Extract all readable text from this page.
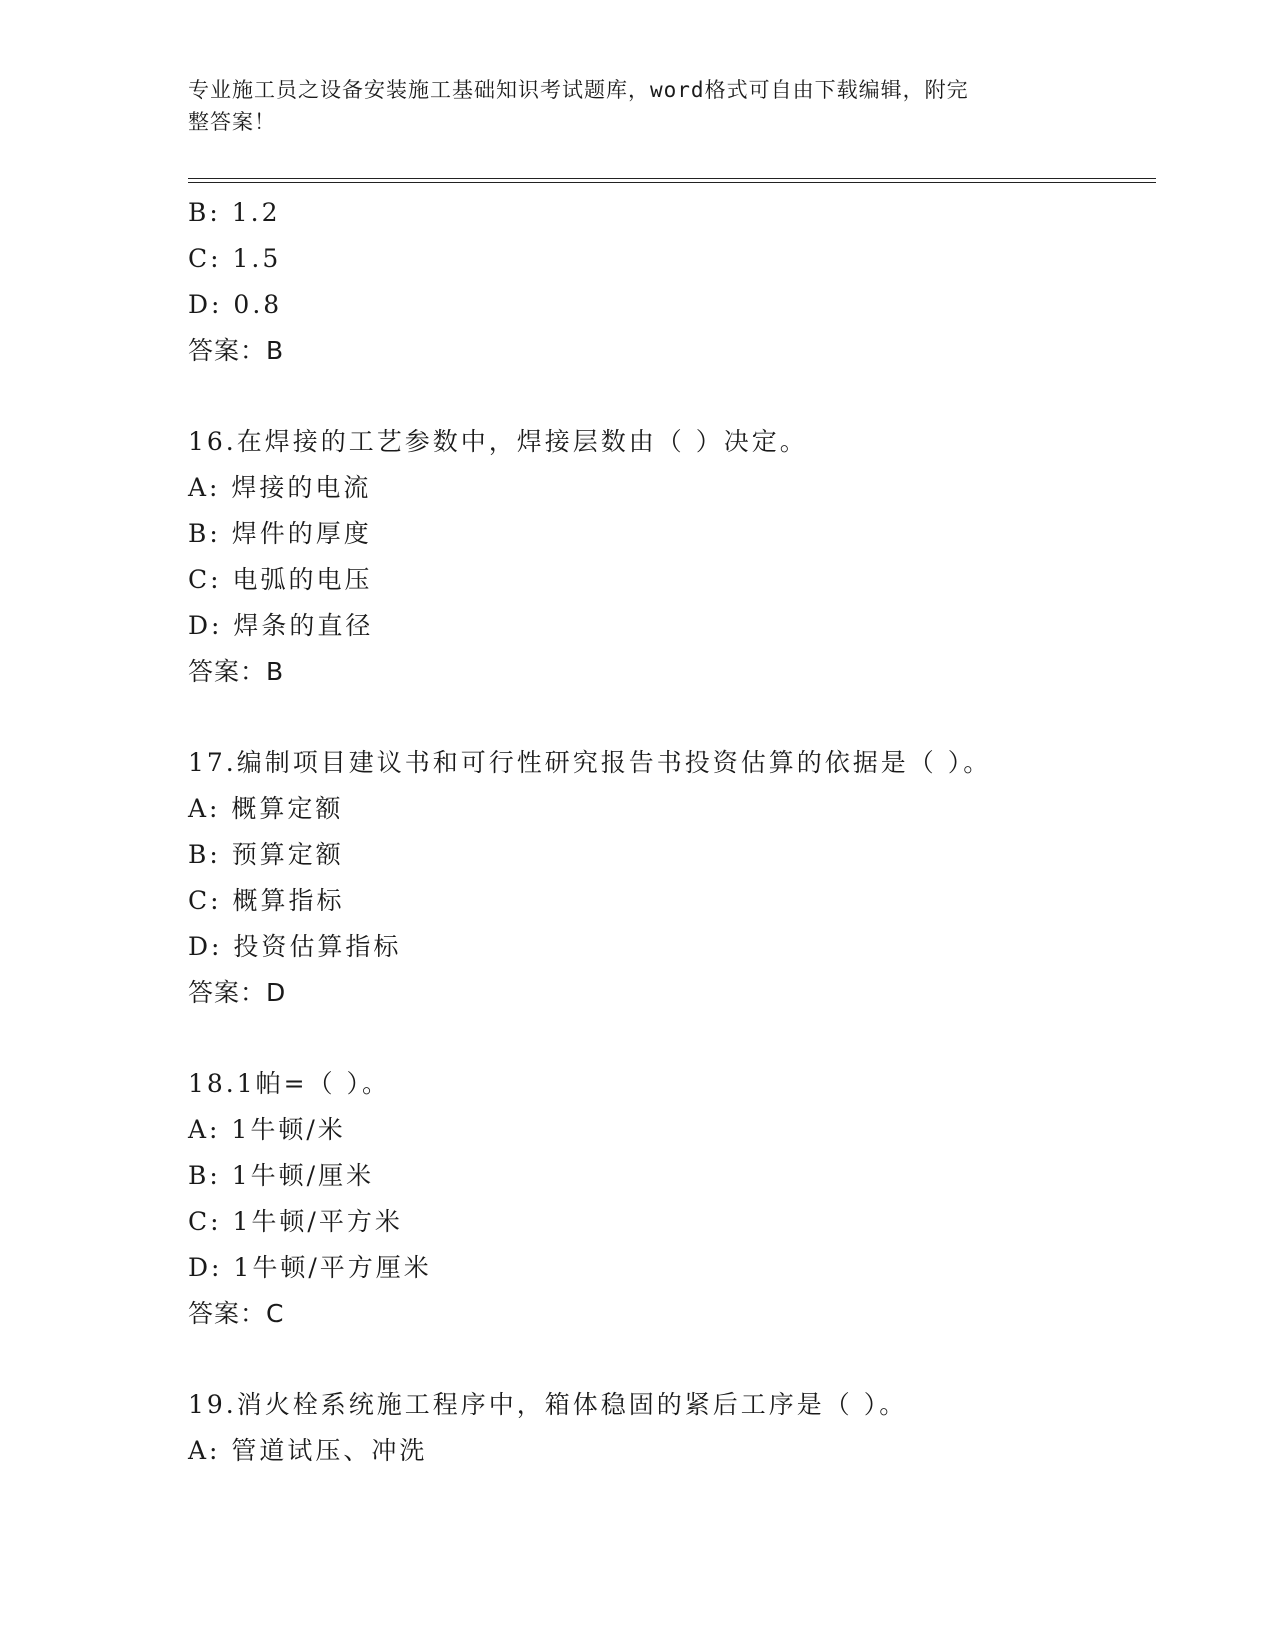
专业施工员之设备安装施工基础知识考试题库，word格式可自由下载编辑，附完
整答案！
B: 1.2
C: 1.5
D: 0.8
答案：B
16.在焊接的工艺参数中，焊接层数由（ ）决定。
A: 焊接的电流
B: 焊件的厚度
C: 电弧的电压
D: 焊条的直径
答案：B
17.编制项目建议书和可行性研究报告书投资估算的依据是（ ）。
A: 概算定额
B: 预算定额
C: 概算指标
D: 投资估算指标
答案：D
18.1帕=（ ）。
A: 1牛顿/米
B: 1牛顿/厘米
C: 1牛顿/平方米
D: 1牛顿/平方厘米
答案：C
19.消火栓系统施工程序中，箱体稳固的紧后工序是（ ）。
A: 管道试压、冲洗
